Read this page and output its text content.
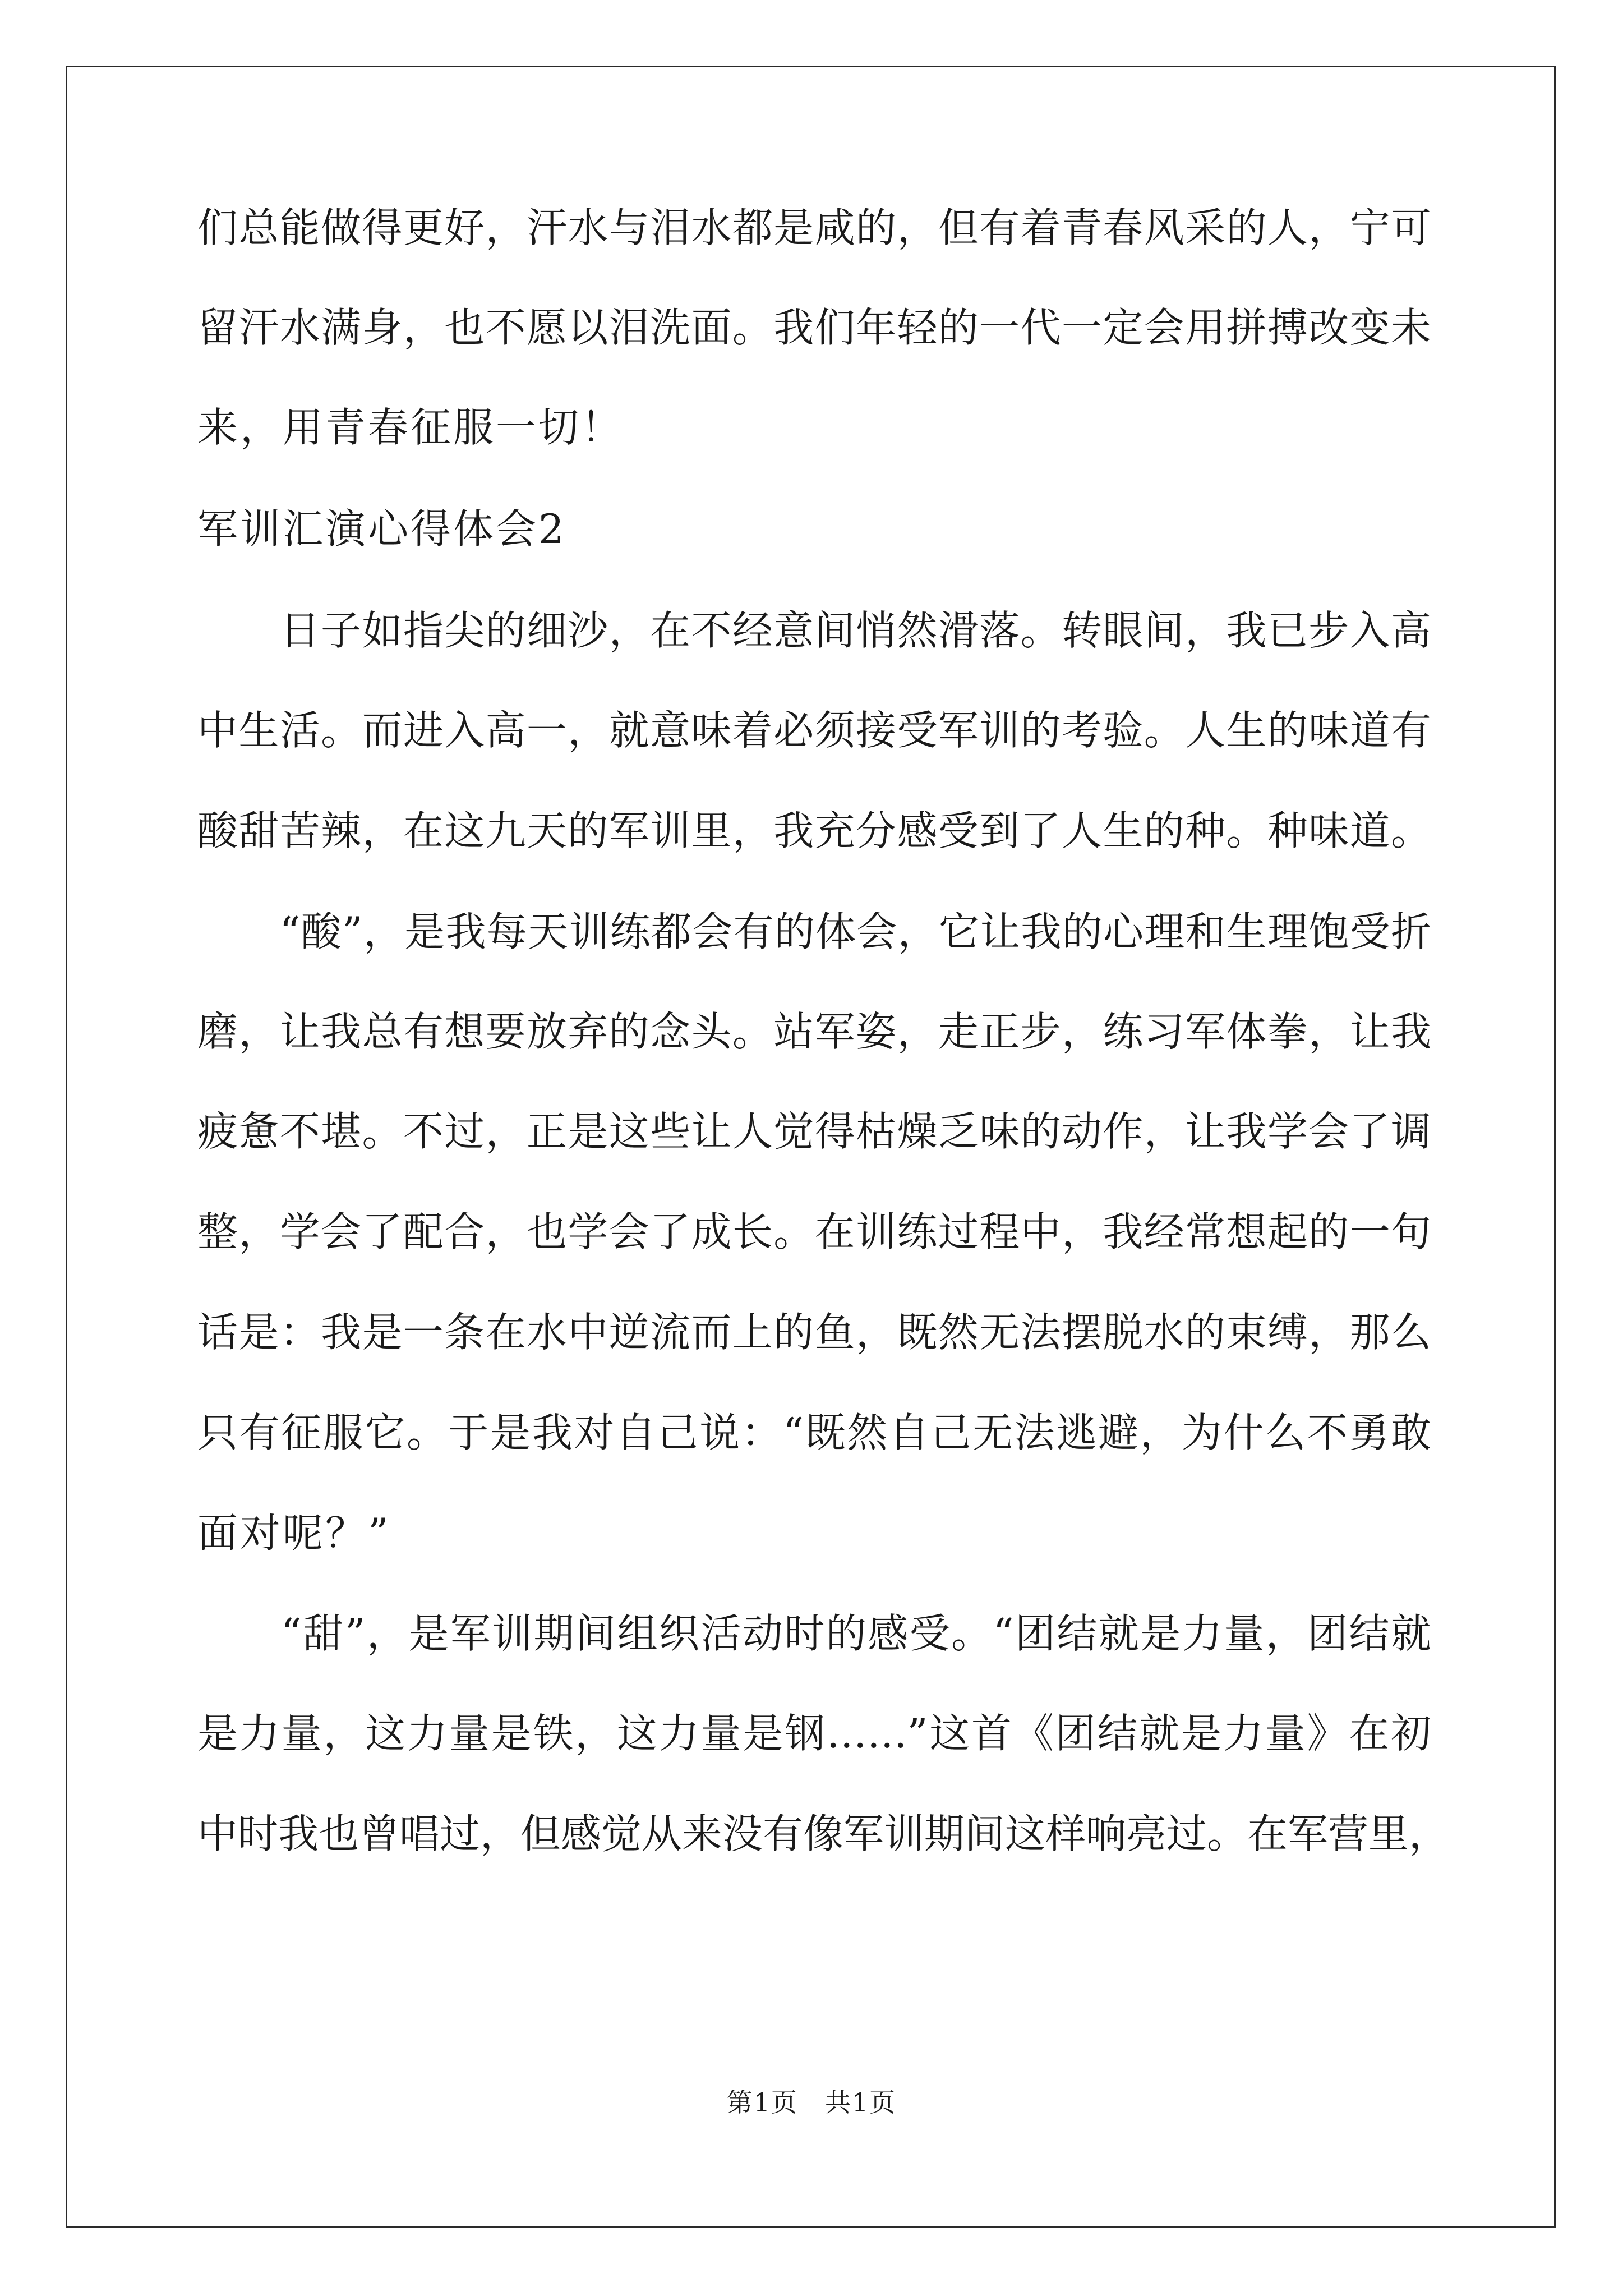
们总能做得更好，汗水与泪水都是咸的，但有着青春风采的人，宁可
留汗水满身，也不愿以泪洗面。我们年轻的一代一定会用拼搏改变未
来，用青春征服一切！
军训汇演心得体会2
　　日子如指尖的细沙，在不经意间悄然滑落。转眼间，我已步入高
中生活。而进入高一，就意味着必须接受军训的考验。人生的味道有
酸甜苦辣，在这九天的军训里，我充分感受到了人生的种。种味道。
　　“酸”，是我每天训练都会有的体会，它让我的心理和生理饱受折
磨，让我总有想要放弃的念头。站军姿，走正步，练习军体拳，让我
疲惫不堪。不过，正是这些让人觉得枯燥乏味的动作，让我学会了调
整，学会了配合，也学会了成长。在训练过程中，我经常想起的一句
话是：我是一条在水中逆流而上的鱼，既然无法摆脱水的束缚，那么
只有征服它。于是我对自己说：“既然自己无法逃避，为什么不勇敢
面对呢？”
　　“甜”，是军训期间组织活动时的感受。“团结就是力量，团结就
是力量，这力量是铁，这力量是钢……”这首《团结就是力量》在初
中时我也曾唱过，但感觉从来没有像军训期间这样响亮过。在军营里，
第1页　共1页
